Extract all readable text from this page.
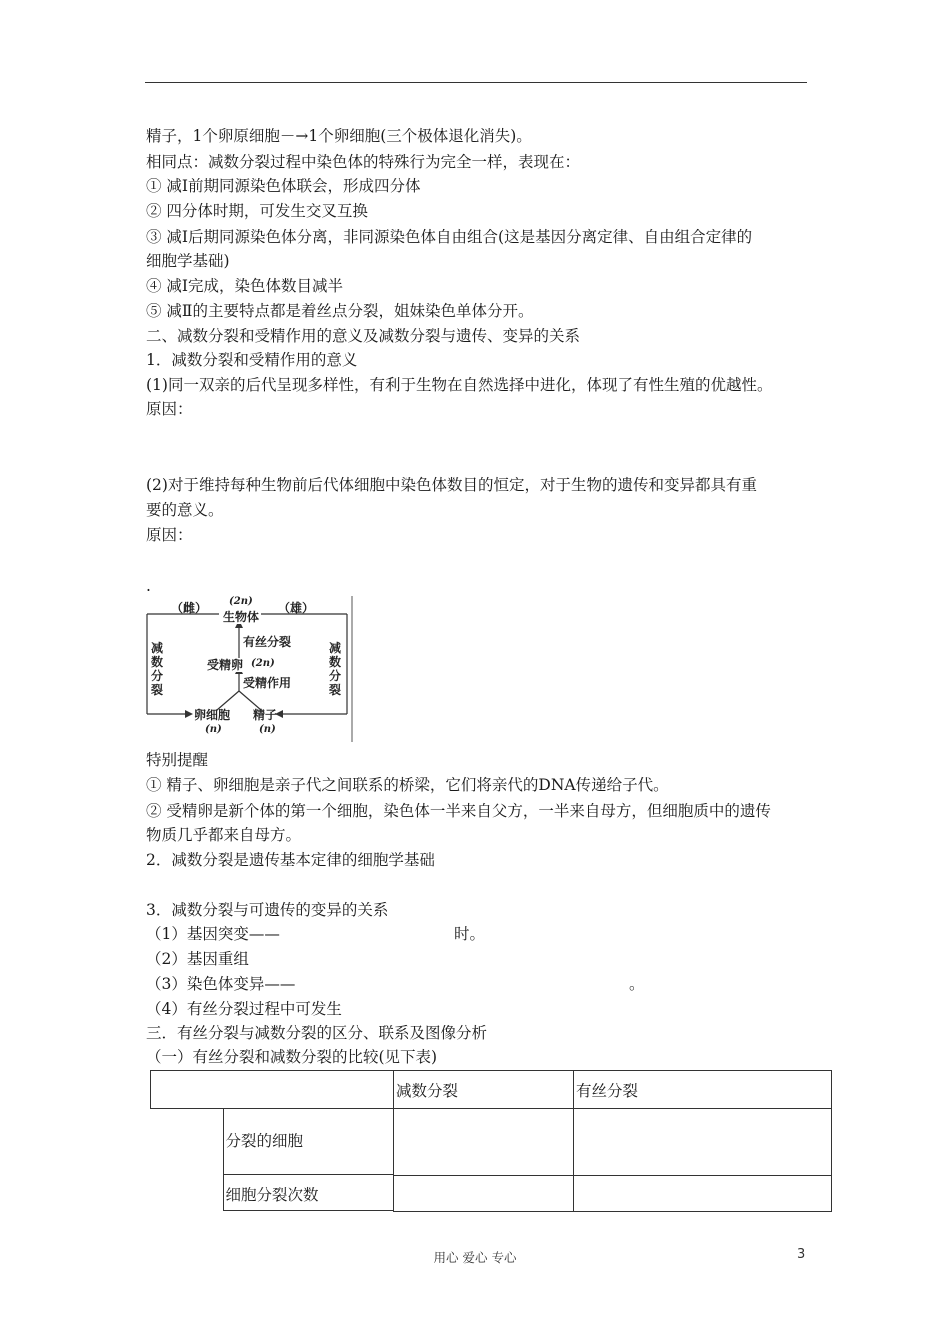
精子，1个卵原细胞－→1个卵细胞(三个极体退化消失)。
相同点：减数分裂过程中染色体的特殊行为完全一样，表现在：
① 减Ⅰ前期同源染色体联会，形成四分体
② 四分体时期，可发生交叉互换
③ 减Ⅰ后期同源染色体分离，非同源染色体自由组合(这是基因分离定律、自由组合定律的
细胞学基础)
④ 减Ⅰ完成，染色体数目减半
⑤ 减Ⅱ的主要特点都是着丝点分裂，姐妹染色单体分开。
二、减数分裂和受精作用的意义及减数分裂与遗传、变异的关系
1．减数分裂和受精作用的意义
(1)同一双亲的后代呈现多样性，有利于生物在自然选择中进化，体现了有性生殖的优越性。
原因：
(2)对于维持每种生物前后代体细胞中染色体数目的恒定，对于生物的遗传和变异都具有重
要的意义。
原因：
.
（雌） (2n) （雄）
生物体
有丝分裂
受精卵 (2n)
受精作用
减数分裂
减数分裂
卵细胞 精子
(n)	(n)
特别提醒
① 精子、卵细胞是亲子代之间联系的桥梁，它们将亲代的DNA传递给子代。
② 受精卵是新个体的第一个细胞，染色体一半来自父方，一半来自母方，但细胞质中的遗传
物质几乎都来自母方。
2．减数分裂是遗传基本定律的细胞学基础
3．减数分裂与可遗传的变异的关系
（1）基因突变——	时。
（2）基因重组
（3）染色体变异——	。
（4）有丝分裂过程中可发生
三．有丝分裂与减数分裂的区分、联系及图像分析
（一）有丝分裂和减数分裂的比较(见下表)
	减数分裂	有丝分裂

分裂的细胞		

细胞分裂次数		

用心 爱心 专心	3
